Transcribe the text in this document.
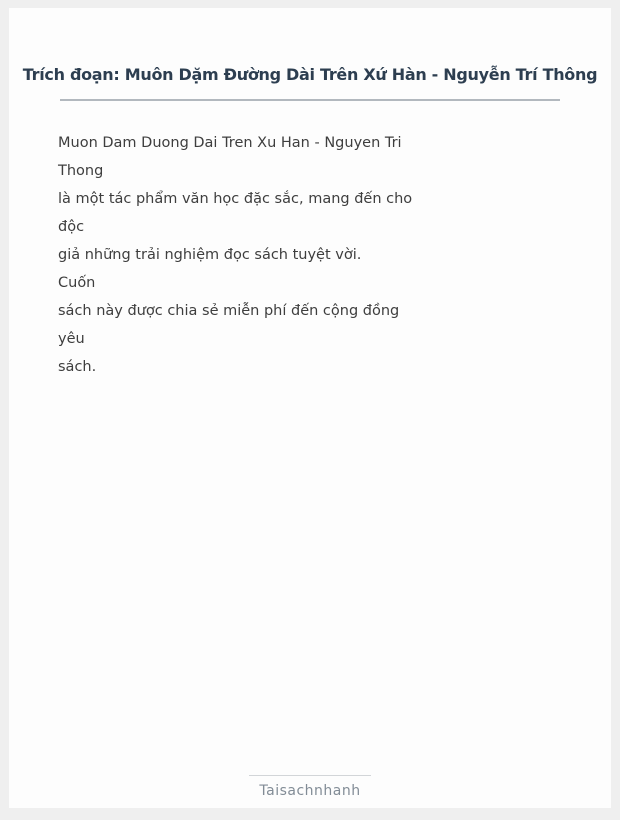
Trích đoạn: Muôn Dặm Đường Dài Trên Xứ Hàn - Nguyễn Trí Thông
Muon Dam Duong Dai Tren Xu Han - Nguyen Tri
Thong
là một tác phẩm văn học đặc sắc, mang đến cho
độc
giả những trải nghiệm đọc sách tuyệt vời.
Cuốn
sách này được chia sẻ miễn phí đến cộng đồng
yêu
sách.
Taisachnhanh
